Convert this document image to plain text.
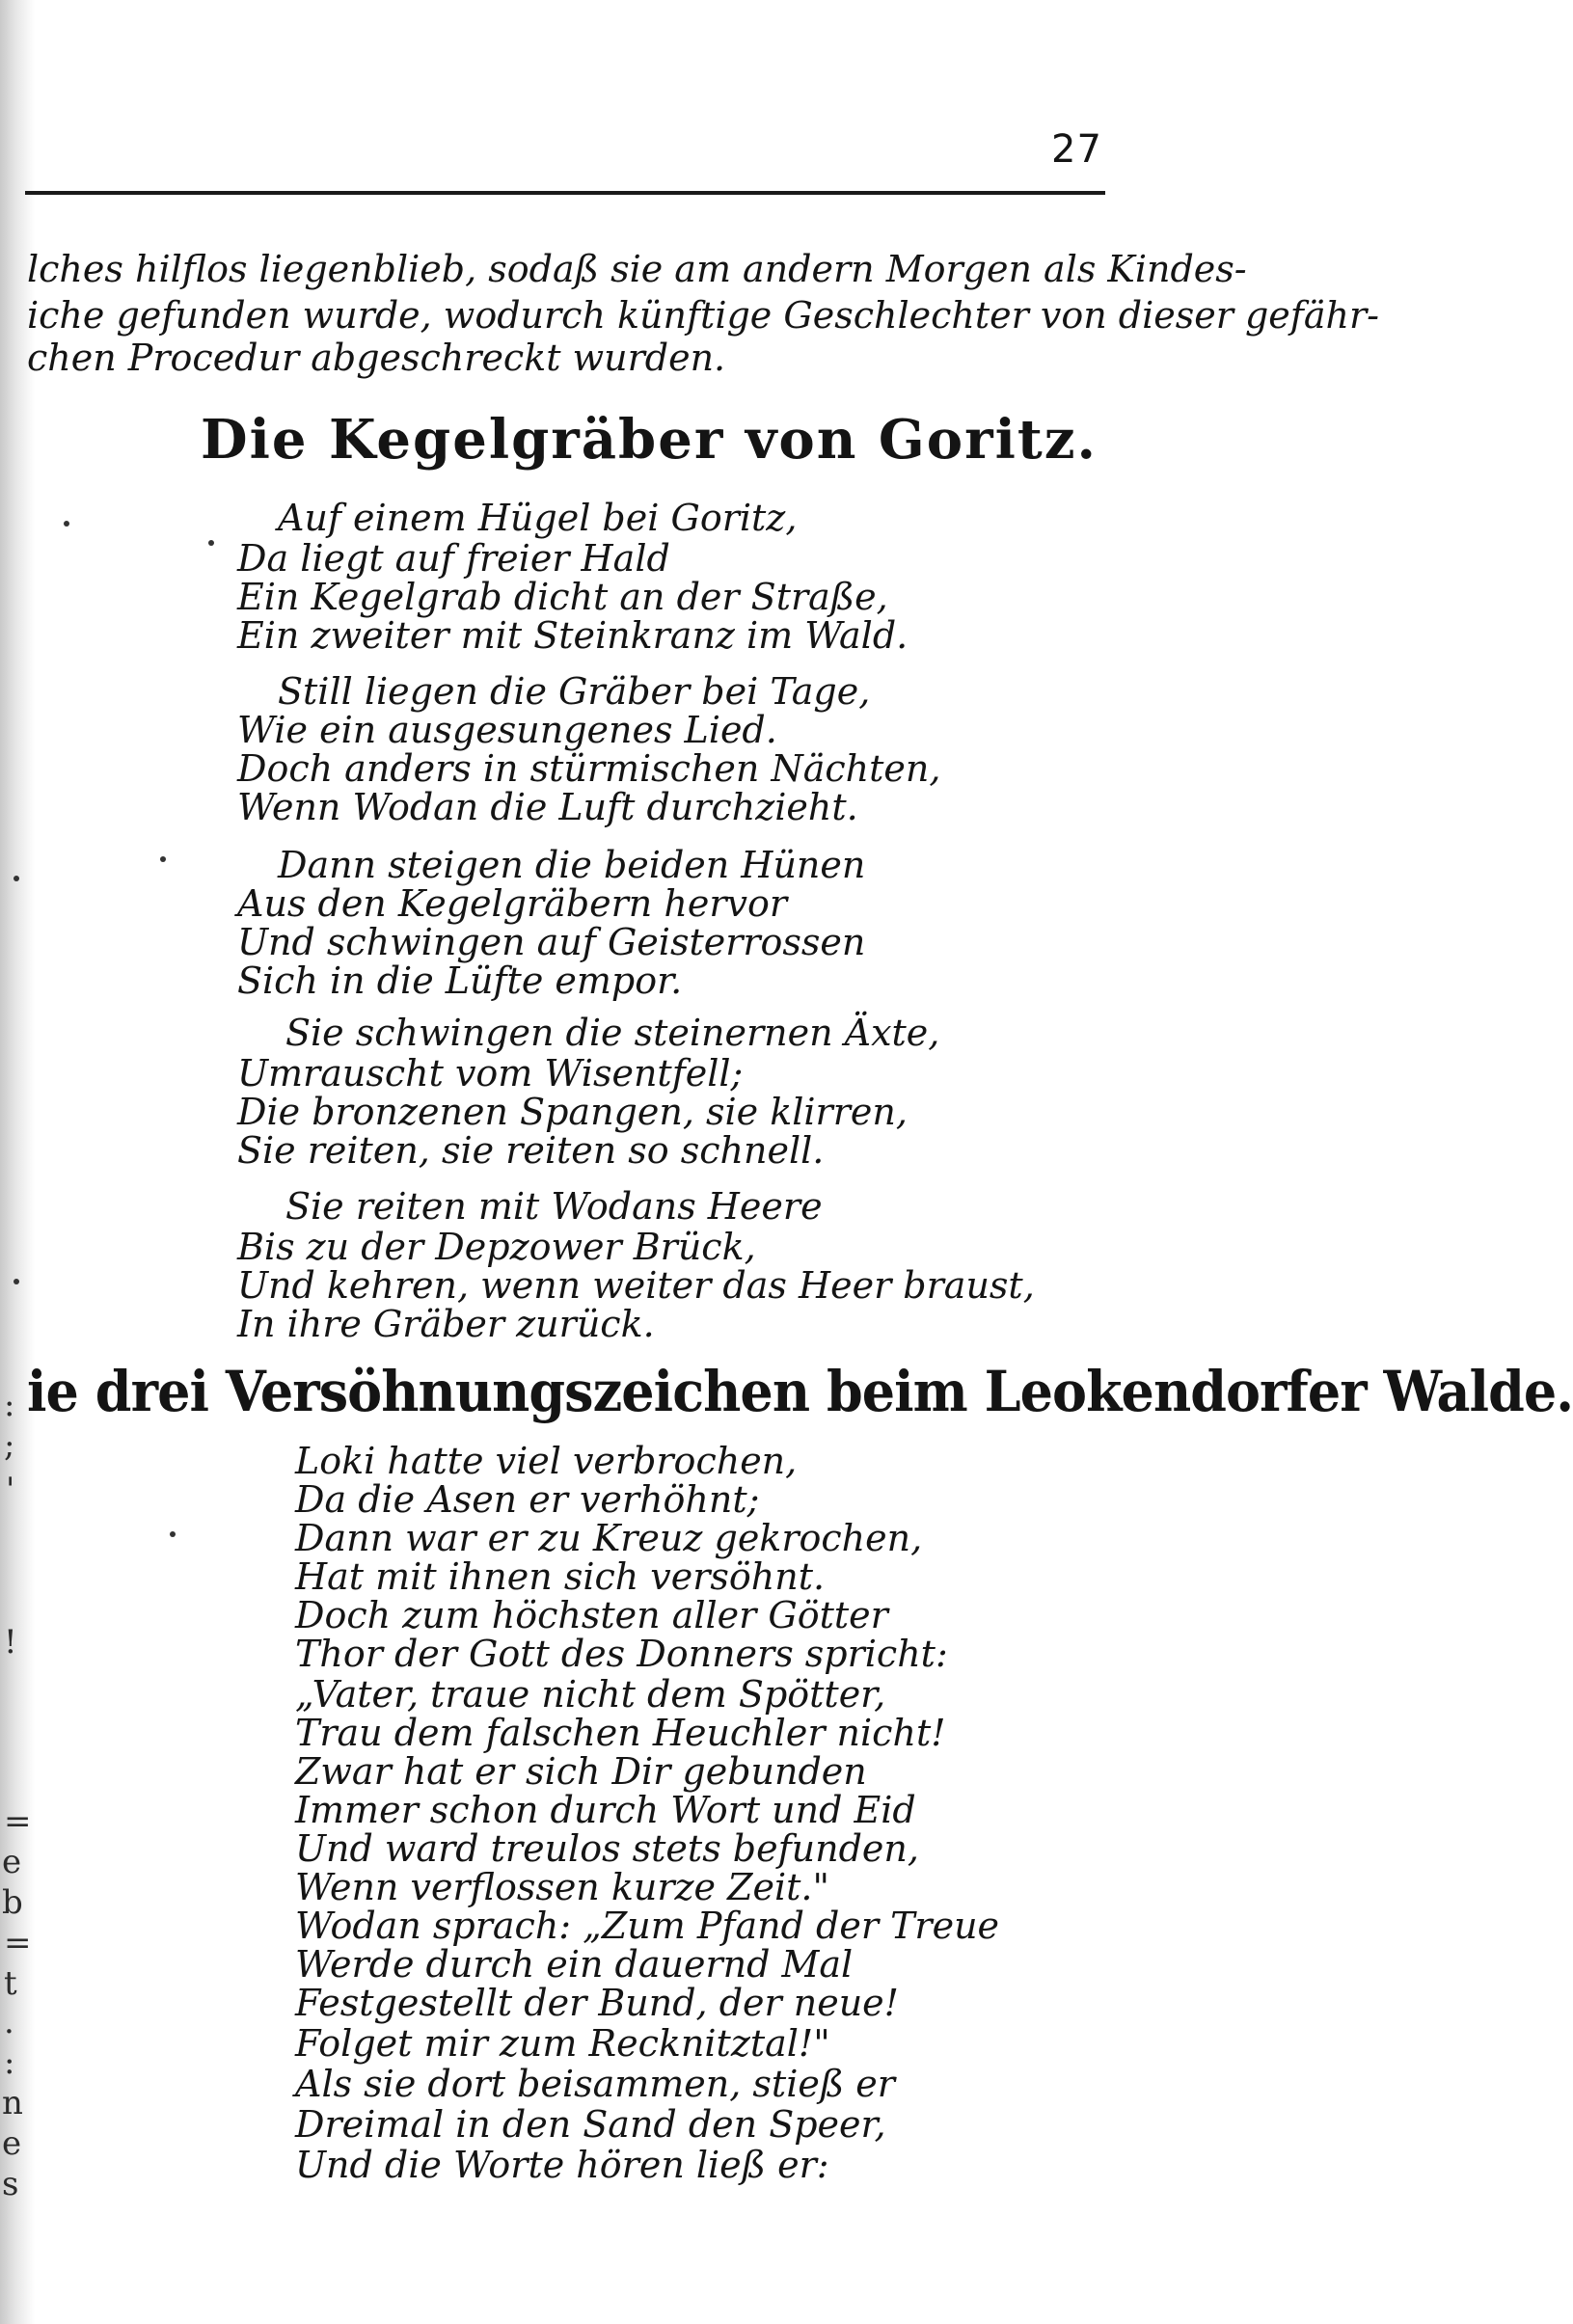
27
lches hilflos liegenblieb, sodaß sie am andern Morgen als Kindes-
iche gefunden wurde, wodurch künftige Geschlechter von dieser gefähr-
chen Procedur abgeschreckt wurden.
Die Kegelgräber von Goritz.
Auf einem Hügel bei Goritz,
Da liegt auf freier Hald
Ein Kegelgrab dicht an der Straße,
Ein zweiter mit Steinkranz im Wald.
Still liegen die Gräber bei Tage,
Wie ein ausgesungenes Lied.
Doch anders in stürmischen Nächten,
Wenn Wodan die Luft durchzieht.
Dann steigen die beiden Hünen
Aus den Kegelgräbern hervor
Und schwingen auf Geisterrossen
Sich in die Lüfte empor.
Sie schwingen die steinernen Äxte,
Umrauscht vom Wisentfell;
Die bronzenen Spangen, sie klirren,
Sie reiten, sie reiten so schnell.
Sie reiten mit Wodans Heere
Bis zu der Depzower Brück,
Und kehren, wenn weiter das Heer braust,
In ihre Gräber zurück.
ie drei Versöhnungszeichen beim Leokendorfer Walde.
Loki hatte viel verbrochen,
Da die Asen er verhöhnt;
Dann war er zu Kreuz gekrochen,
Hat mit ihnen sich versöhnt.
Doch zum höchsten aller Götter
Thor der Gott des Donners spricht:
„Vater, traue nicht dem Spötter,
Trau dem falschen Heuchler nicht!
Zwar hat er sich Dir gebunden
Immer schon durch Wort und Eid
Und ward treulos stets befunden,
Wenn verflossen kurze Zeit."
Wodan sprach: „Zum Pfand der Treue
Werde durch ein dauernd Mal
Festgestellt der Bund, der neue!
Folget mir zum Recknitztal!"
Als sie dort beisammen, stieß er
Dreimal in den Sand den Speer,
Und die Worte hören ließ er:
:
;
'
!
=
e
b
=
t
.
:
n
e
s
